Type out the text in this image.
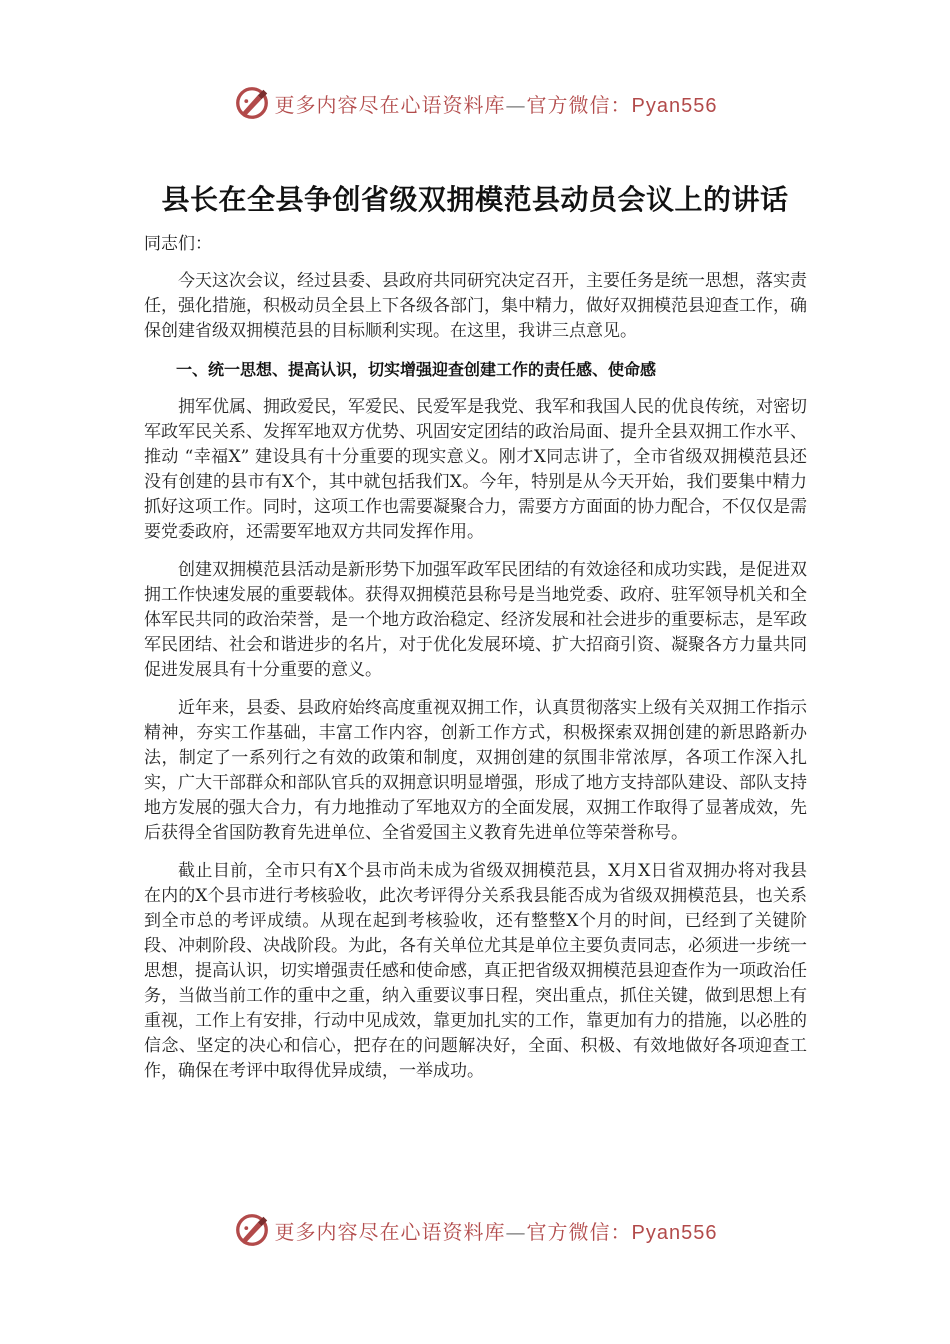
更多内容尽在心语资料库—官方微信：Pyan556
县长在全县争创省级双拥模范县动员会议上的讲话

同志们：

今天这次会议，经过县委、县政府共同研究决定召开，主要任务是统一思想，落实责任，强化措施，积极动员全县上下各级各部门，集中精力，做好双拥模范县迎查工作，确保创建省级双拥模范县的目标顺利实现。在这里，我讲三点意见。

一、统一思想、提高认识，切实增强迎查创建工作的责任感、使命感

拥军优属、拥政爱民，军爱民、民爱军是我党、我军和我国人民的优良传统，对密切军政军民关系、发挥军地双方优势、巩固安定团结的政治局面、提升全县双拥工作水平、推动 “幸福X” 建设具有十分重要的现实意义。刚才X同志讲了，全市省级双拥模范县还没有创建的县市有X个，其中就包括我们X。今年，特别是从今天开始，我们要集中精力抓好这项工作。同时，这项工作也需要凝聚合力，需要方方面面的协力配合，不仅仅是需要党委政府，还需要军地双方共同发挥作用。

创建双拥模范县活动是新形势下加强军政军民团结的有效途径和成功实践，是促进双拥工作快速发展的重要载体。获得双拥模范县称号是当地党委、政府、驻军领导机关和全体军民共同的政治荣誉，是一个地方政治稳定、经济发展和社会进步的重要标志，是军政军民团结、社会和谐进步的名片，对于优化发展环境、扩大招商引资、凝聚各方力量共同促进发展具有十分重要的意义。

近年来，县委、县政府始终高度重视双拥工作，认真贯彻落实上级有关双拥工作指示精神，夯实工作基础，丰富工作内容，创新工作方式，积极探索双拥创建的新思路新办法，制定了一系列行之有效的政策和制度，双拥创建的氛围非常浓厚，各项工作深入扎实，广大干部群众和部队官兵的双拥意识明显增强，形成了地方支持部队建设、部队支持地方发展的强大合力，有力地推动了军地双方的全面发展，双拥工作取得了显著成效，先后获得全省国防教育先进单位、全省爱国主义教育先进单位等荣誉称号。

截止目前，全市只有X个县市尚未成为省级双拥模范县，X月X日省双拥办将对我县在内的X个县市进行考核验收，此次考评得分关系我县能否成为省级双拥模范县，也关系到全市总的考评成绩。从现在起到考核验收，还有整整X个月的时间，已经到了关键阶段、冲刺阶段、决战阶段。为此，各有关单位尤其是单位主要负责同志，必须进一步统一思想，提高认识，切实增强责任感和使命感，真正把省级双拥模范县迎查作为一项政治任务，当做当前工作的重中之重，纳入重要议事日程，突出重点，抓住关键，做到思想上有重视，工作上有安排，行动中见成效，靠更加扎实的工作，靠更加有力的措施，以必胜的信念、坚定的决心和信心，把存在的问题解决好，全面、积极、有效地做好各项迎查工作，确保在考评中取得优异成绩，一举成功。

更多内容尽在心语资料库—官方微信：Pyan556
